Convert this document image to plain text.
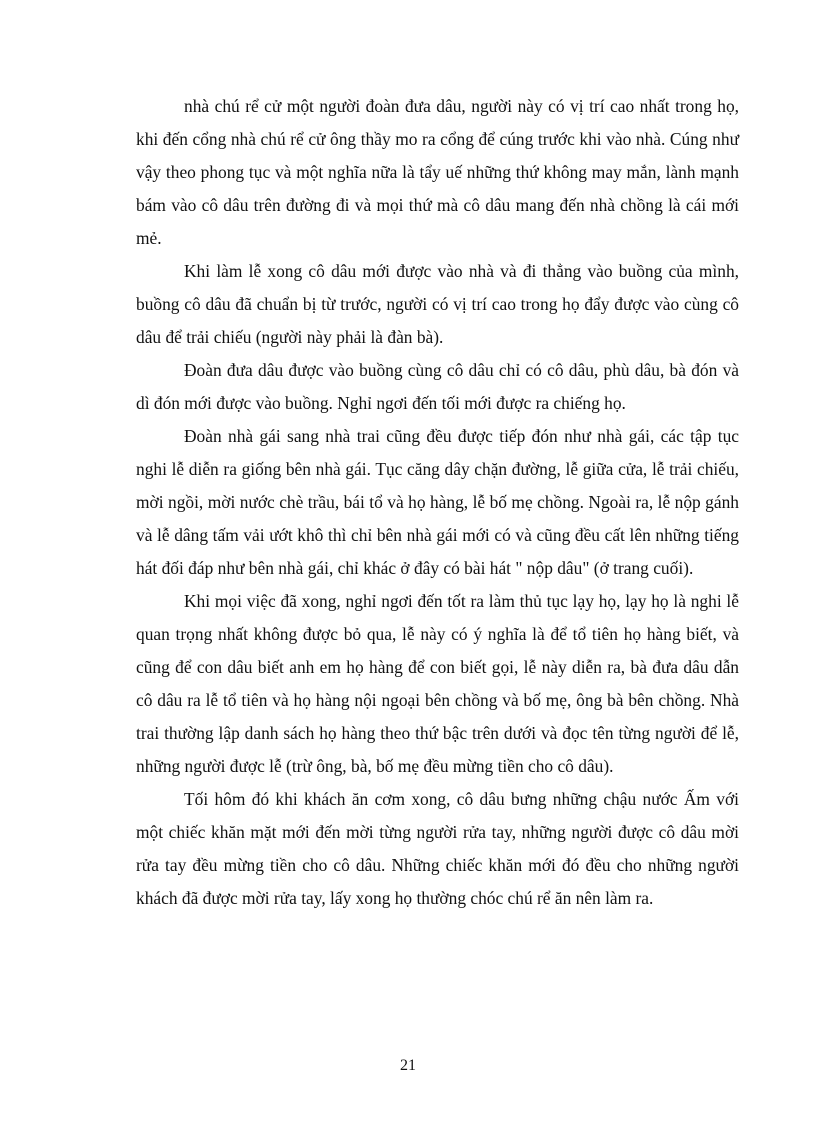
nhà chú rể cử một người đoàn đưa dâu, người này có vị trí cao nhất trong họ, khi đến cổng nhà chú rể cử ông thầy mo ra cổng để cúng trước khi vào nhà. Cúng như vậy theo phong tục và một nghĩa nữa là tẩy uế những thứ không may mắn, lành mạnh bám vào cô dâu trên đường đi và mọi thứ mà cô dâu mang đến nhà chồng là cái mới mẻ.

Khi làm lễ xong cô dâu mới được vào nhà và đi thẳng vào buồng của mình, buồng cô dâu đã chuẩn bị từ trước, người có vị trí cao trong họ đẩy được vào cùng cô dâu để trải chiếu (người này phải là đàn bà).

Đoàn đưa dâu được vào buồng cùng cô dâu chỉ có cô dâu, phù dâu, bà đón và dì đón mới được vào buồng. Nghỉ ngơi đến tối mới được ra chiếng họ.

Đoàn nhà gái sang nhà trai cũng đều được tiếp đón như nhà gái, các tập tục nghi lễ diễn ra giống bên nhà gái. Tục căng dây chặn đường, lễ giữa cửa, lễ trải chiếu, mời ngồi, mời nước chè trầu, bái tổ và họ hàng, lễ bố mẹ chồng. Ngoài ra, lễ nộp gánh và lễ dâng tấm vải ướt khô thì chỉ bên nhà gái mới có và cũng đều cất lên những tiếng hát đối đáp như bên nhà gái, chỉ khác ở đây có bài hát " nộp dâu" (ở trang cuối).

Khi mọi việc đã xong, nghỉ ngơi đến tốt ra làm thủ tục lạy họ, lạy họ là nghi lễ quan trọng nhất không được bỏ qua, lễ này có ý nghĩa là để tổ tiên họ hàng biết, và cũng để con dâu biết anh em họ hàng để con biết gọi, lễ này diễn ra, bà đưa dâu dẫn cô dâu ra lễ tổ tiên và họ hàng nội ngoại bên chồng và bố mẹ, ông bà bên chồng. Nhà trai thường lập danh sách họ hàng theo thứ bậc trên dưới và đọc tên từng người để lễ, những người được lễ (trừ ông, bà, bố mẹ đều mừng tiền cho cô dâu).

Tối hôm đó khi khách ăn cơm xong, cô dâu bưng những chậu nước Ấm với một chiếc khăn mặt mới đến mời từng người rửa tay, những người được cô dâu mời rửa tay đều mừng tiền cho cô dâu. Những chiếc khăn mới đó đều cho những người khách đã được mời rửa tay, lấy xong họ thường chóc chú rể ăn nên làm ra.

21
